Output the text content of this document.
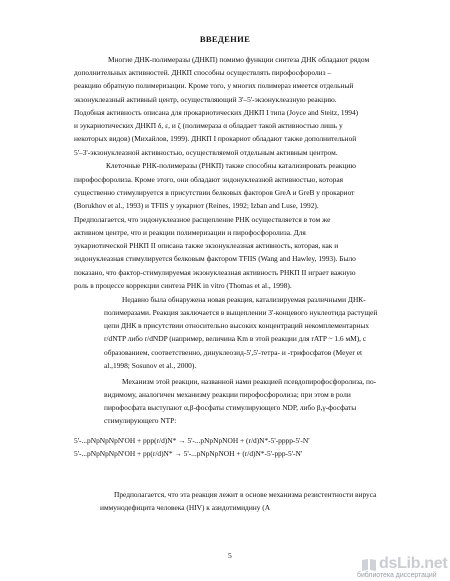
ВВЕДЕНИЕ
Многие ДНК-полимеразы (ДНКП) помимо функции синтеза ДНК обладают рядом
дополнительных активностей. ДНКП способны осуществлять пирофосфоролиз –
реакцию обратную полимеризации. Кроме того, у многих полимераз имеется отдельный
экзонуклеазный активный центр, осуществляющий 3'–5'-экзонуклеазную реакцию.
Подобная активность описана для прокариотических ДНКП I типа (Joyce and Steitz, 1994)
и эукариотических ДНКП δ, ε, и ζ (полимераза α обладает такой активностью лишь у
некоторых видов) (Михайлов, 1999). ДНКП I прокариот обладают также дополнительной
5'–3'-экзонуклеазной активностью, осуществляемой отдельным активным центром.
Клеточные РНК-полимеразы (РНКП) также способны катализировать реакцию
пирофосфоролиза. Кроме этого, они обладают эндонуклеазной активностью, которая
существенно стимулируется в присутствии белковых факторов GreA и GreB у прокариот
(Borukhov et al., 1993) и TFIIS у эукариот (Reines, 1992; Izban and Luse, 1992).
Предполагается, что эндонуклеазное расщепление РНК осуществляется в том же
активном центре, что и реакции полимеризации и пирофосфоролиза. Для
эукариотической РНКП II описана также экзонуклеазная активность, которая, как и
эндонуклеазная стимулируется белковым фактором TFIIS (Wang and Hawley, 1993). Было
показано, что фактор-стимулируемая экзонуклеазная активность РНКП II играет важную
роль в процессе коррекции синтеза РНК in vitro (Thomas et al., 1998).
Недавно была обнаружена новая реакция, катализируемая различными ДНК-
полимеразами. Реакция заключается в выщеплении 3'-концевого нуклеотида растущей
цепи ДНК в присутствии относительно высоких концентраций некомплементарных
r/dNTP либо r/dNDP (например, величина Km в этой реакции для rATP ~ 1.6 мМ), с
образованием, соответственно, динуклеозид-5',5'-тетра- и -трифосфатов (Meyer et
al.,1998; Sosunov et al., 2000).
Механизм этой реакции, названной нами реакцией псевдопирофосфоролиза, по-
видимому, аналогичен механизму реакции пирофосфоролиза; при этом в роли
пирофосфата выступают α,β-фосфаты стимулирующего NDP, либо β,γ-фосфаты
стимулирующего NTP:
5'-...pNpNpNpN'OH + ppp(r/d)N* → 5'-...pNpNpNOH + (r/d)N*-5'-pppp-5'-N'
5'-...pNpNpNpN'OH + pp(r/d)N* → 5'-...pNpNpNOH + (r/d)N*-5'-ppp-5'-N'
Предполагается, что эта реакция лежит в основе механизма резистентности вируса
иммунодефицита человека (HIV) к азидотимидину (A
5	dsLib.net
библиотека диссертаций
